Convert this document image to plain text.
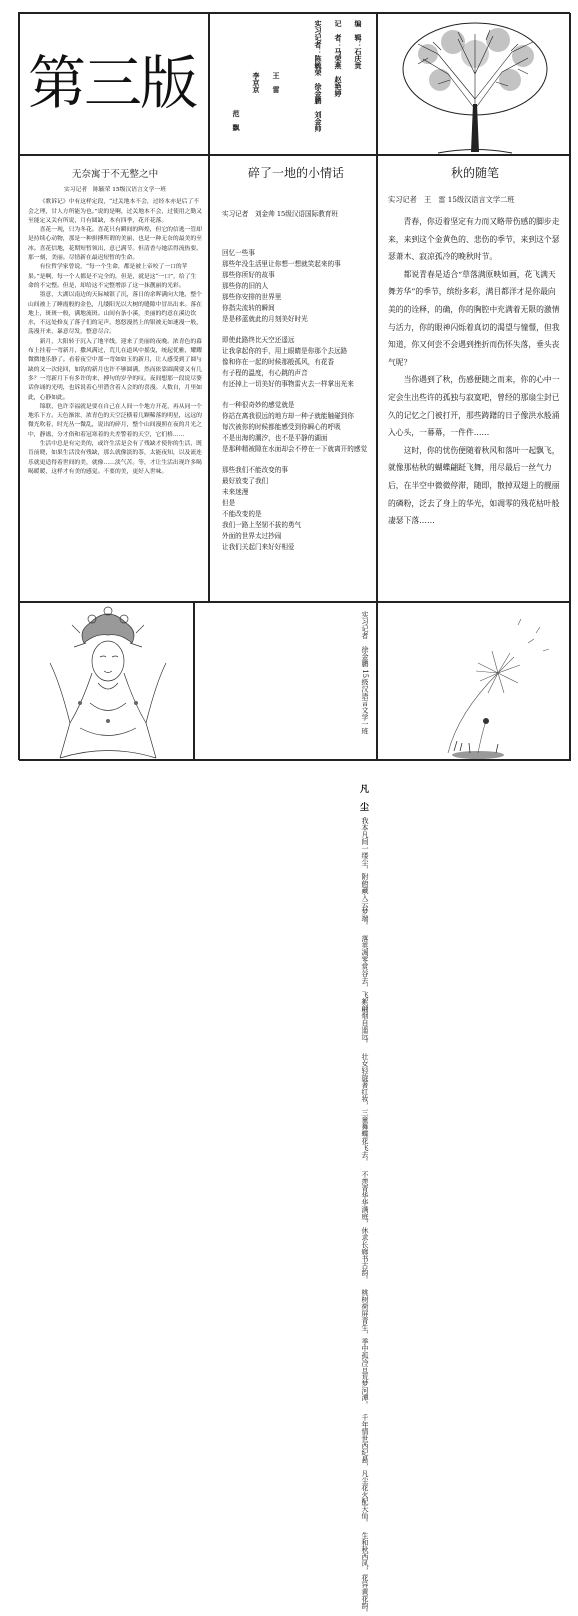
第三版
编　辑：石庆贵
记　者：马荣燕　赵艳婷
实习记者：陈毓荣　徐金鹏　刘金帅
王　雷
李京京
范　飘
无奈寓于不无整之中
实习记者　陈毓荣 15级汉语言文学一班

《歌诉记》中有这样定段，“过关地本不会，过经本亦是后了不会之理，甘人方所能为也。”说的是啊，过关地本不会，过使用之勤又至能定又关有所说，月有圆缺，本有四季，花开花落。

喜花一现，只为冬花。喜花只有瞬间的辉煌，但它的信逃一管却是持续心动物，那是一种拼搏所谓的美丽，也是一种无奈的最美的至冰。喜花信地，花期短暂领出，意已满节。但清香与她活得流热要。那一刻，美丽。尽情新在最迟短暂的生命。

有位哲学家曾说，“每一个生命，都是被上帝咬了一口的苹果。”是啊，每一个人都是不完全的，但是，就是这“一口”，给了生命的不完整。但是，却给这不完整增添了这一抹靓丽的光彩。

墨意，大湖以南边的天际城银了沉，落日的余晖满向大地，整个山间被上了睡霞般的金色，几缕阳光以大树的缝隙中冒出出来。落在地上，斑斑一般，满地流斑。山间有条小溪，美丽的约意在溪边饮水，不远处修友了落子们的足声，悠悠漫然上的银被无如速漫一般，荡漫开来，暴意尽发，整意尽合。

新月，大阳转于沉入了地平线，迎来了美丽的夜晚。浓青色的幕布上挂着一弯新月，撒风满过，荒儿在道风中摇曳，统起优雅，耀耀微微地乐静了。看着夜空中那一弯如如玉的新月，让人感受到了圆与缺的又一次轮回，如钩的新月也许不够圆满，然而依靠圆满要又有几多？一弯新月下有多许的来，搏句的岁孕的叹。夜间想那一段说尽婆话你诵的光明，也诉说着心里潜含着人会的的喜漫。人数自，月里如此，心静如此。

锦联，也许幸福就是要在自己在人间一个地方开花，再从同一个地乐下方。天色渐浓，浓青色的天空泛横着几颗稀落的明星，远远的微光吹着，时光丛一微乱，说出的碎月，整个山间漫照在夜的月光之中，静谧，分才俗和着冠寒着的夫差警着的天空，它们格……

生活中总是有完美的，或许生活是会有了残缺才使你的生活，既肯前晓，如果生活没有残缺，那么就像淡的茶，太能夜知，以及流连乐就更适得着世间的美，就像……淡气苦。等，才让生活出现许多喝喝暖暖，这样才有美的感觉。不要的美，更好入世味。

碎了一地的小情话
实习记者　刘金帅 15级汉语国际教育班
回忆一些事
那些年没生活里让你想一想就笑起来的事
那些你所好的故事
那些你的旧的人
那些你安排的世界里
你指尖流转的瞬间
是是移蓝就此的月刻美好时光
即使此路终比天空还遥远
让我拿起你的手，用上眼睛是你那个去远路
像和你在一起的时候那般孤风，有花香
有子程的温度，有心跳的声音
有还掉上一切美好的事物雷火去一样掌出光来
有一种很奇妙的感觉就是
你站在离我很远的地方却一种子就能触碰到你
每次被你的时候都能感受到你瞬心的呼吸
不是出海的潮汐，也不是平静的湖面
是那种精被隙在水面却会不停在一下就离开的感觉
那些我们不能改变的事
最好放变了我们
未来迷漫
但是
不能改变的是
我们一路上坚韧不拔的勇气
外面的世界太过抄闹
让我们关起门来好好相爱
秋的随笔
实习记者　王　雷 15级汉语言文学二班

青春，你迈着坚定有力而又略带伤感的脚步走来，来到这个金黄色的、悲伤的季节，来到这个瑟瑟萧木、寂凉孤冷的晚秋时节。

都说青春是适合“草落满原映如画，花飞满天舞芳华”的季节，缤纷多彩，满目都洋才是你最向美的的诠释，的确，你的胸腔中充满着无限的激情与活力，你的眼神闪烁着真切的渴望与憧憬，但我知道，你又何尝不会遇到挫折而伤怀失落，垂头丧气呢？

当你遇到了秋，伤感便随之而来，你的心中一定会生出些许的孤独与寂寞吧，曾经的那扇尘封已久的记忆之门被打开，那些踌躇的日子像洪水般涌入心头，一幕幕，一件件……

这时，你的忧伤便随着秋风和落叶一起飘飞，就像那枯秋的蝴蝶翩跹飞舞，用尽最后一丝气力后，在半空中微微停滞，随即，散掉双翅上的靓丽的磷粉，泛去了身上的华光，如凋零的残花枯叶般凄瑟下落……

实习记者　徐金鹏 15级汉语言文学一班
凡　尘
我本凡间一缕尘，附俯藏入云梦端。
落英凋零赏谷去，飞絮翩烟自遥远。
壮女轻旋著红妆，三童舞蝶花飞去。
不羡青华华满庭，休求长廊书古韵。
桃树荷屏青生，季中孤冷亘荒梦河潭。
千年情世西纪悬，凡尘花火配天仙。
生和秋西风，花异黄花韵。
